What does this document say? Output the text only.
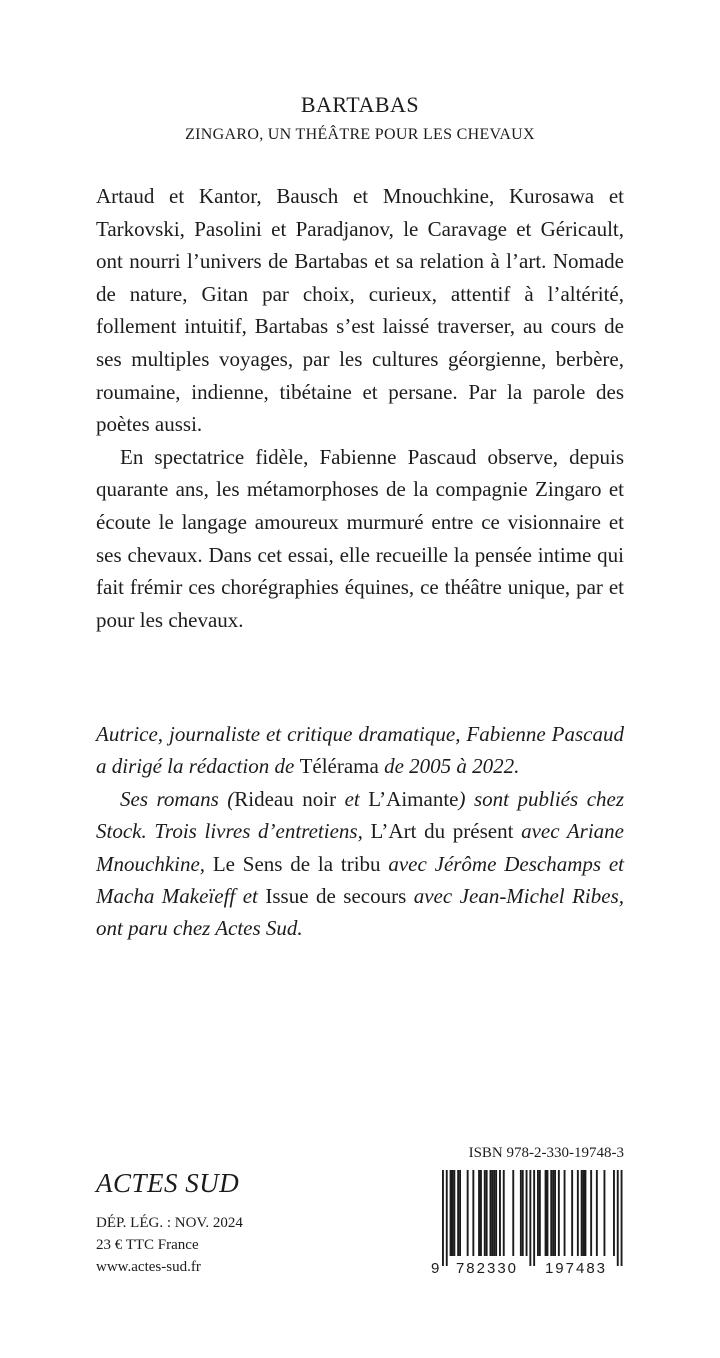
BARTABAS
ZINGARO, UN THÉÂTRE POUR LES CHEVAUX

Artaud et Kantor, Bausch et Mnouchkine, Kurosawa et Tarkovski, Pasolini et Paradjanov, le Caravage et Géricault, ont nourri l’univers de Bartabas et sa relation à l’art. Nomade de nature, Gitan par choix, curieux, attentif à l’altérité, follement intuitif, Bartabas s’est laissé traverser, au cours de ses multiples voyages, par les cultures géorgienne, berbère, roumaine, indienne, tibétaine et persane. Par la parole des poètes aussi.

En spectatrice fidèle, Fabienne Pascaud observe, depuis quarante ans, les métamorphoses de la compagnie Zingaro et écoute le langage amoureux murmuré entre ce visionnaire et ses chevaux. Dans cet essai, elle recueille la pensée intime qui fait frémir ces chorégraphies équines, ce théâtre unique, par et pour les chevaux.

Autrice, journaliste et critique dramatique, Fabienne Pascaud a dirigé la rédaction de Télérama de 2005 à 2022.

Ses romans (Rideau noir et L’Aimante) sont publiés chez Stock. Trois livres d’entretiens, L’Art du présent avec Ariane Mnouchkine, Le Sens de la tribu avec Jérôme Deschamps et Macha Makeïeff et Issue de secours avec Jean-Michel Ribes, ont paru chez Actes Sud.

ACTES SUD
DÉP. LÉG. : NOV. 2024
23 € TTC France
www.actes-sud.fr
ISBN 978-2-330-19748-3
9 782330 197483
